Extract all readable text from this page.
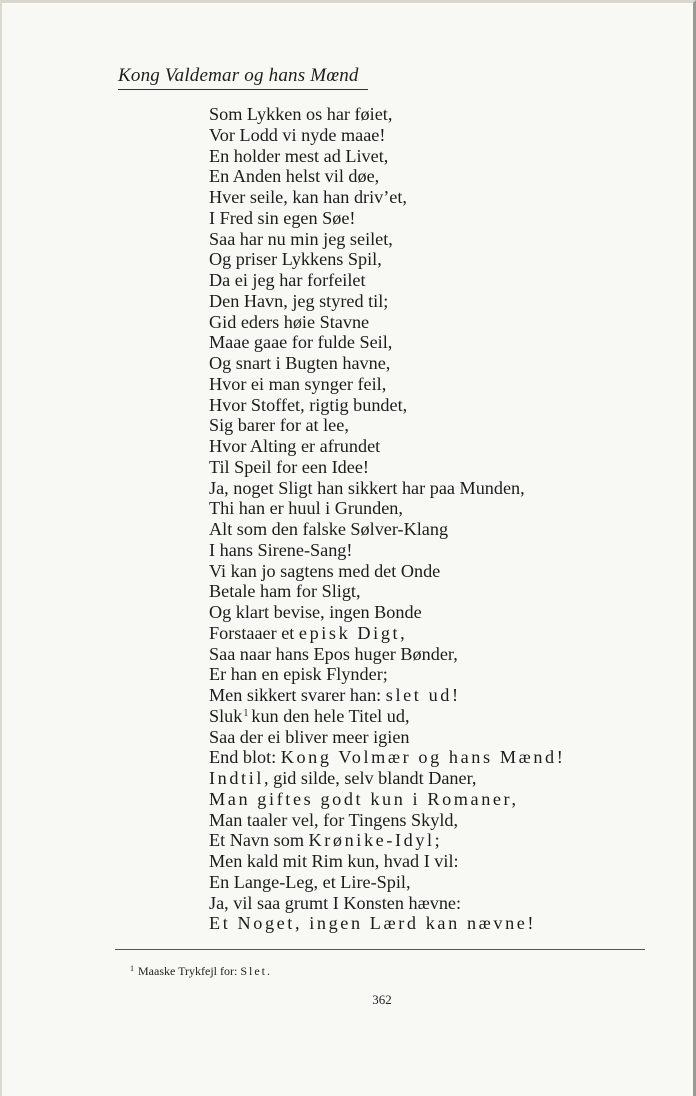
Kong Valdemar og hans Mœnd
Som Lykken os har føiet,
Vor Lodd vi nyde maae!
En holder mest ad Livet,
En Anden helst vil døe,
Hver seile, kan han driv’et,
I Fred sin egen Søe!
Saa har nu min jeg seilet,
Og priser Lykkens Spil,
Da ei jeg har forfeilet
Den Havn, jeg styred til;
Gid eders høie Stavne
Maae gaae for fulde Seil,
Og snart i Bugten havne,
Hvor ei man synger feil,
Hvor Stoffet, rigtig bundet,
Sig barer for at lee,
Hvor Alting er afrundet
Til Speil for een Idee!
Ja, noget Sligt han sikkert har paa Munden,
Thi han er huul i Grunden,
Alt som den falske Sølver-Klang
I hans Sirene-Sang!
Vi kan jo sagtens med det Onde
Betale ham for Sligt,
Og klart bevise, ingen Bonde
Forstaaer et episk Digt,
Saa naar hans Epos huger Bønder,
Er han en episk Flynder;
Men sikkert svarer han: slet ud!
Sluk$^1$ kun den hele Titel ud,
Saa der ei bliver meer igien
End blot: Kong Volmær og hans Mænd!
Indtil, gid silde, selv blandt Daner,
Man giftes godt kun i Romaner,
Man taaler vel, for Tingens Skyld,
Et Navn som Krønike-Idyl;
Men kald mit Rim kun, hvad I vil:
En Lange-Leg, et Lire-Spil,
Ja, vil saa grumt I Konsten hævne:
Et Noget, ingen Lærd kan nævne!
$^1$ Maaske Trykfejl for: Slet.
362
